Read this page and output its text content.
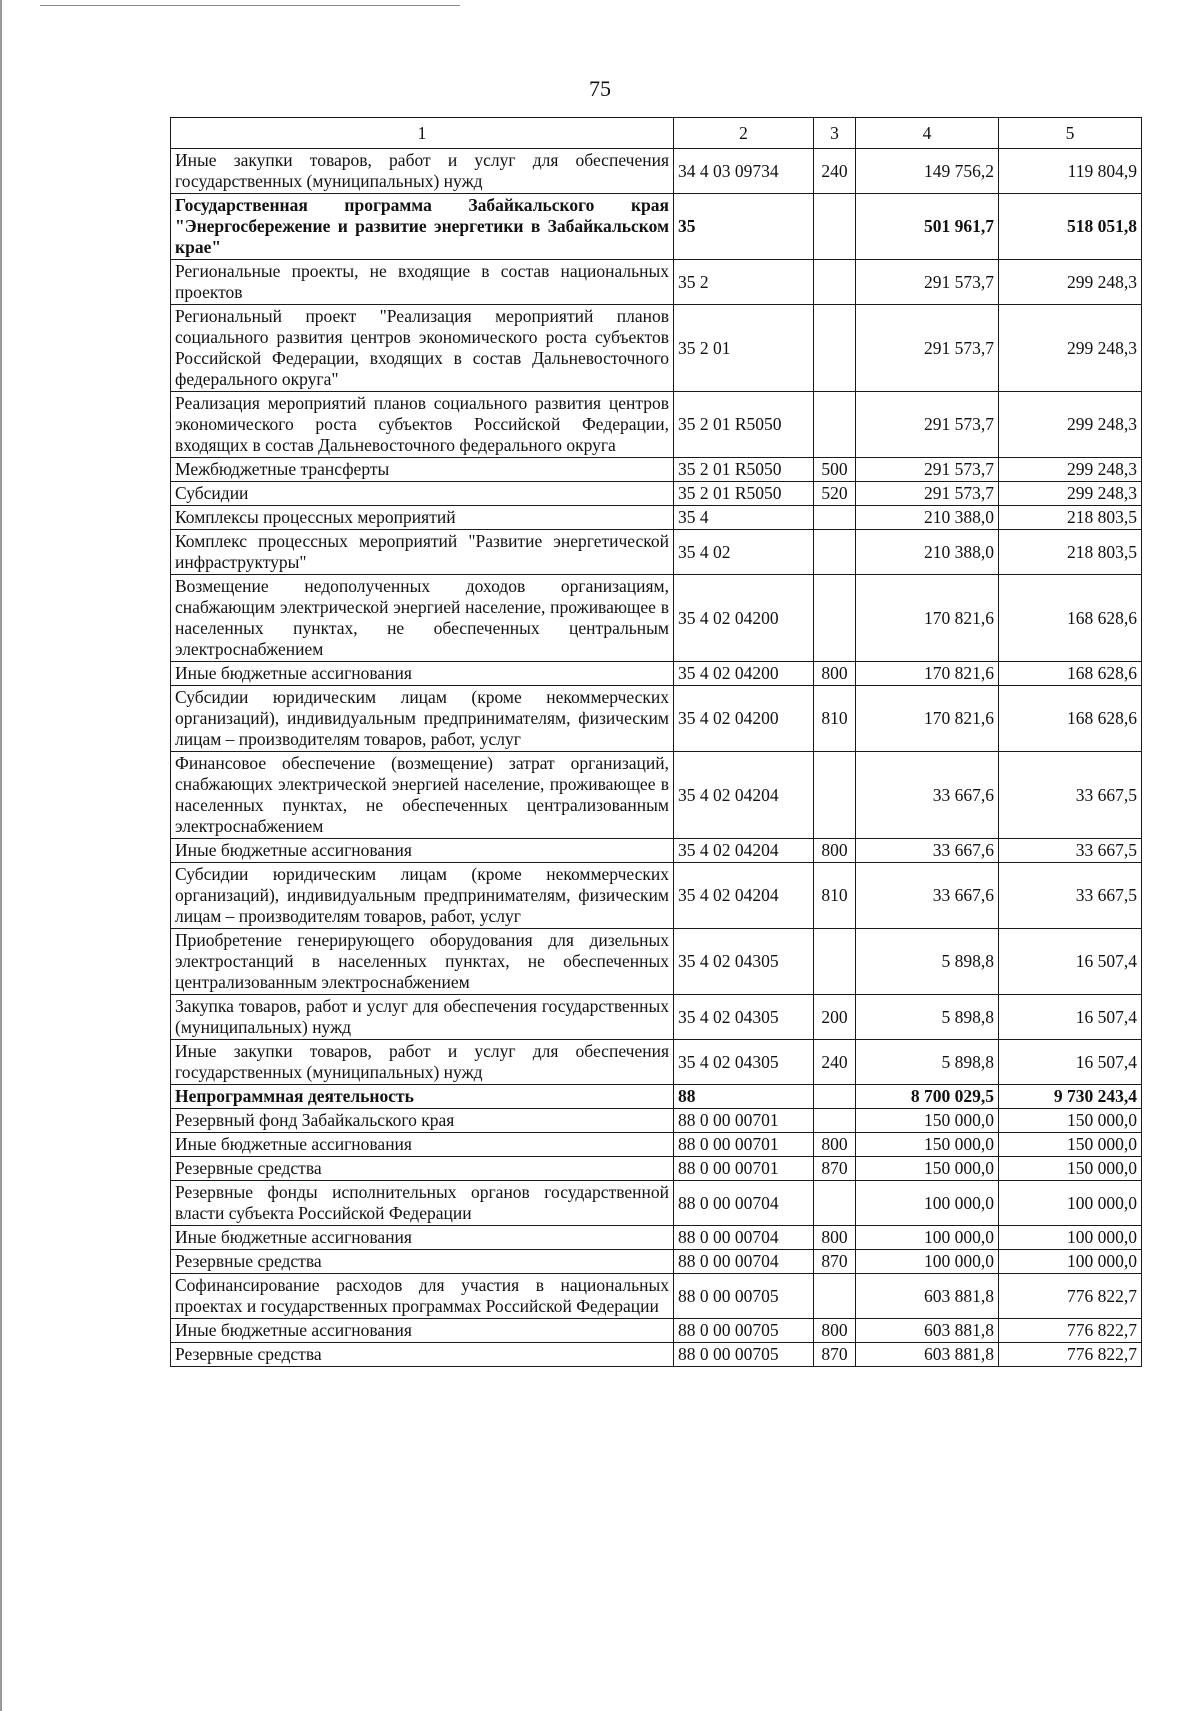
75
1	2	3	4	5
Иные закупки товаров, работ и услуг для обеспечения государственных (муниципальных) нужд	34 4 03 09734	240	149 756,2	119 804,9
Государственная программа Забайкальского края "Энергосбережение и развитие энергетики в Забайкальском крае"	35		501 961,7	518 051,8
Региональные проекты, не входящие в состав национальных проектов	35 2		291 573,7	299 248,3
Региональный проект "Реализация мероприятий планов социального развития центров экономического роста субъектов Российской Федерации, входящих в состав Дальневосточного федерального округа"	35 2 01		291 573,7	299 248,3
Реализация мероприятий планов социального развития центров экономического роста субъектов Российской Федерации, входящих в состав Дальневосточного федерального округа	35 2 01 R5050		291 573,7	299 248,3
Межбюджетные трансферты	35 2 01 R5050	500	291 573,7	299 248,3
Субсидии	35 2 01 R5050	520	291 573,7	299 248,3
Комплексы процессных мероприятий	35 4		210 388,0	218 803,5
Комплекс процессных мероприятий "Развитие энергетической инфраструктуры"	35 4 02		210 388,0	218 803,5
Возмещение недополученных доходов организациям, снабжающим электрической энергией население, проживающее в населенных пунктах, не обеспеченных центральным электроснабжением	35 4 02 04200		170 821,6	168 628,6
Иные бюджетные ассигнования	35 4 02 04200	800	170 821,6	168 628,6
Субсидии юридическим лицам (кроме некоммерческих организаций), индивидуальным предпринимателям, физическим лицам – производителям товаров, работ, услуг	35 4 02 04200	810	170 821,6	168 628,6
Финансовое обеспечение (возмещение) затрат организаций, снабжающих электрической энергией население, проживающее в населенных пунктах, не обеспеченных централизованным электроснабжением	35 4 02 04204		33 667,6	33 667,5
Иные бюджетные ассигнования	35 4 02 04204	800	33 667,6	33 667,5
Субсидии юридическим лицам (кроме некоммерческих организаций), индивидуальным предпринимателям, физическим лицам – производителям товаров, работ, услуг	35 4 02 04204	810	33 667,6	33 667,5
Приобретение генерирующего оборудования для дизельных электростанций в населенных пунктах, не обеспеченных централизованным электроснабжением	35 4 02 04305		5 898,8	16 507,4
Закупка товаров, работ и услуг для обеспечения государственных (муниципальных) нужд	35 4 02 04305	200	5 898,8	16 507,4
Иные закупки товаров, работ и услуг для обеспечения государственных (муниципальных) нужд	35 4 02 04305	240	5 898,8	16 507,4
Непрограммная деятельность	88		8 700 029,5	9 730 243,4
Резервный фонд Забайкальского края	88 0 00 00701		150 000,0	150 000,0
Иные бюджетные ассигнования	88 0 00 00701	800	150 000,0	150 000,0
Резервные средства	88 0 00 00701	870	150 000,0	150 000,0
Резервные фонды исполнительных органов государственной власти субъекта Российской Федерации	88 0 00 00704		100 000,0	100 000,0
Иные бюджетные ассигнования	88 0 00 00704	800	100 000,0	100 000,0
Резервные средства	88 0 00 00704	870	100 000,0	100 000,0
Софинансирование расходов для участия в национальных проектах и государственных программах Российской Федерации	88 0 00 00705		603 881,8	776 822,7
Иные бюджетные ассигнования	88 0 00 00705	800	603 881,8	776 822,7
Резервные средства	88 0 00 00705	870	603 881,8	776 822,7
